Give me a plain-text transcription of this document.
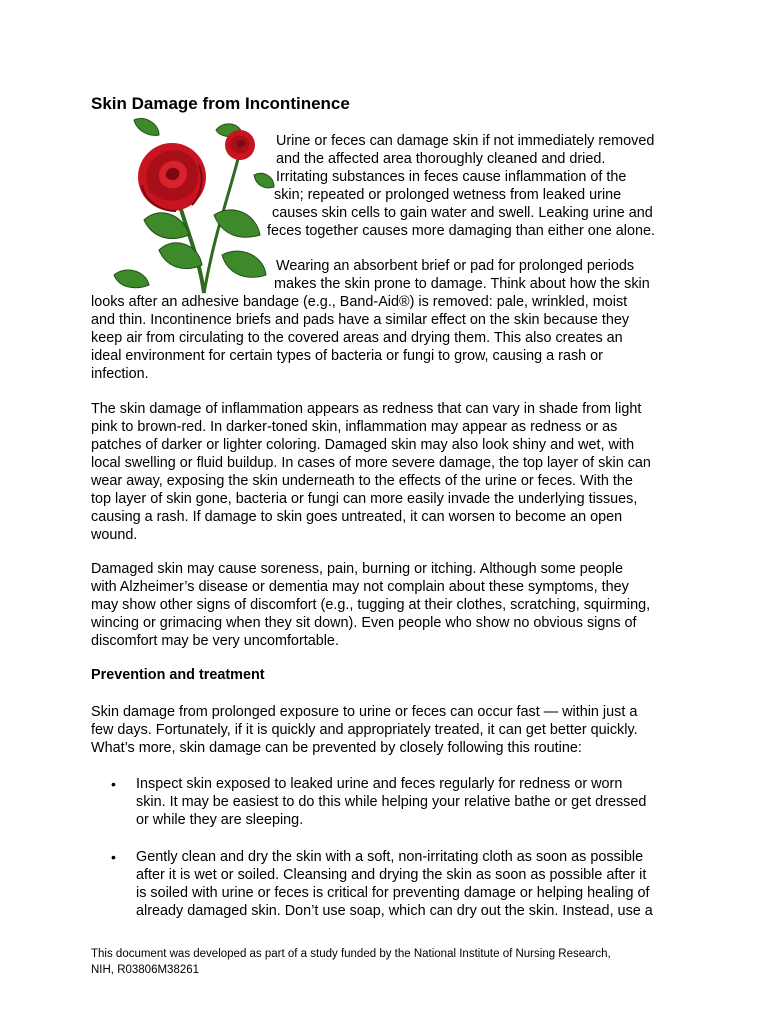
Skin Damage from Incontinence
Urine or feces can damage skin if not immediately removed
and the affected area thoroughly cleaned and dried.
Irritating substances in feces cause inflammation of the
skin; repeated or prolonged wetness from leaked urine
causes skin cells to gain water and swell. Leaking urine and
feces together causes more damaging than either one alone.
Wearing an absorbent brief or pad for prolonged periods
makes the skin prone to damage. Think about how the skin
looks after an adhesive bandage (e.g., Band-Aid®) is removed: pale, wrinkled, moist
and thin. Incontinence briefs and pads have a similar effect on the skin because they
keep air from circulating to the covered areas and drying them. This also creates an
ideal environment for certain types of bacteria or fungi to grow, causing a rash or
infection.
The skin damage of inflammation appears as redness that can vary in shade from light
pink to brown-red. In darker-toned skin, inflammation may appear as redness or as
patches of darker or lighter coloring. Damaged skin may also look shiny and wet, with
local swelling or fluid buildup. In cases of more severe damage, the top layer of skin can
wear away, exposing the skin underneath to the effects of the urine or feces. With the
top layer of skin gone, bacteria or fungi can more easily invade the underlying tissues,
causing a rash. If damage to skin goes untreated, it can worsen to become an open
wound.
Damaged skin may cause soreness, pain, burning or itching. Although some people
with Alzheimer’s disease or dementia may not complain about these symptoms, they
may show other signs of discomfort (e.g., tugging at their clothes, scratching, squirming,
wincing or grimacing when they sit down). Even people who show no obvious signs of
discomfort may be very uncomfortable.
Prevention and treatment
Skin damage from prolonged exposure to urine or feces can occur fast — within just a
few days. Fortunately, if it is quickly and appropriately treated, it can get better quickly.
What’s more, skin damage can be prevented by closely following this routine:
• Inspect skin exposed to leaked urine and feces regularly for redness or worn
skin. It may be easiest to do this while helping your relative bathe or get dressed
or while they are sleeping.
• Gently clean and dry the skin with a soft, non-irritating cloth as soon as possible
after it is wet or soiled. Cleansing and drying the skin as soon as possible after it
is soiled with urine or feces is critical for preventing damage or helping healing of
already damaged skin. Don’t use soap, which can dry out the skin. Instead, use a
This document was developed as part of a study funded by the National Institute of Nursing Research,
NIH, R03806M38261
